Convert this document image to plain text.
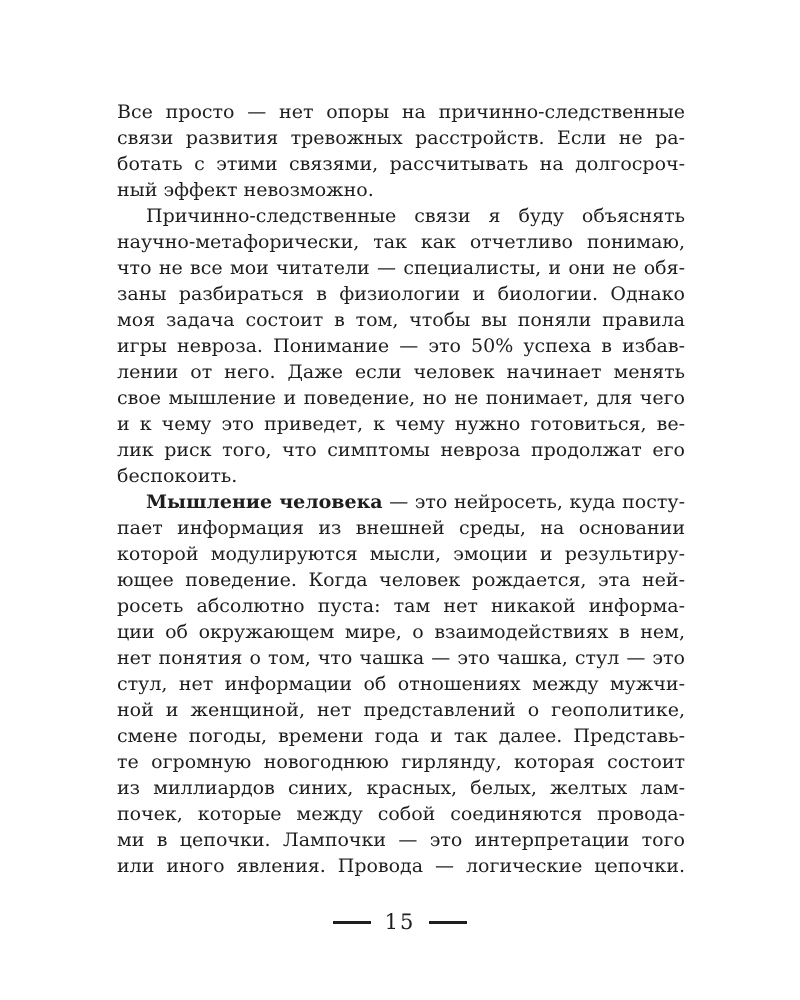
Все просто — нет опоры на причинно-следственные
связи развития тревожных расстройств. Если не ра-
ботать с этими связями, рассчитывать на долгосроч-
ный эффект невозможно.
Причинно-следственные связи я буду объяснять
научно-метафорически, так как отчетливо понимаю,
что не все мои читатели — специалисты, и они не обя-
заны разбираться в физиологии и биологии. Однако
моя задача состоит в том, чтобы вы поняли правила
игры невроза. Понимание — это 50% успеха в избав-
лении от него. Даже если человек начинает менять
свое мышление и поведение, но не понимает, для чего
и к чему это приведет, к чему нужно готовиться, ве-
лик риск того, что симптомы невроза продолжат его
беспокоить.
Мышление человека — это нейросеть, куда посту-
пает информация из внешней среды, на основании
которой модулируются мысли, эмоции и результиру-
ющее поведение. Когда человек рождается, эта ней-
росеть абсолютно пуста: там нет никакой информа-
ции об окружающем мире, о взаимодействиях в нем,
нет понятия о том, что чашка — это чашка, стул — это
стул, нет информации об отношениях между мужчи-
ной и женщиной, нет представлений о геополитике,
смене погоды, времени года и так далее. Представь-
те огромную новогоднюю гирлянду, которая состоит
из миллиардов синих, красных, белых, желтых лам-
почек, которые между собой соединяются провода-
ми в цепочки. Лампочки — это интерпретации того
или иного явления. Провода — логические цепочки.
15
